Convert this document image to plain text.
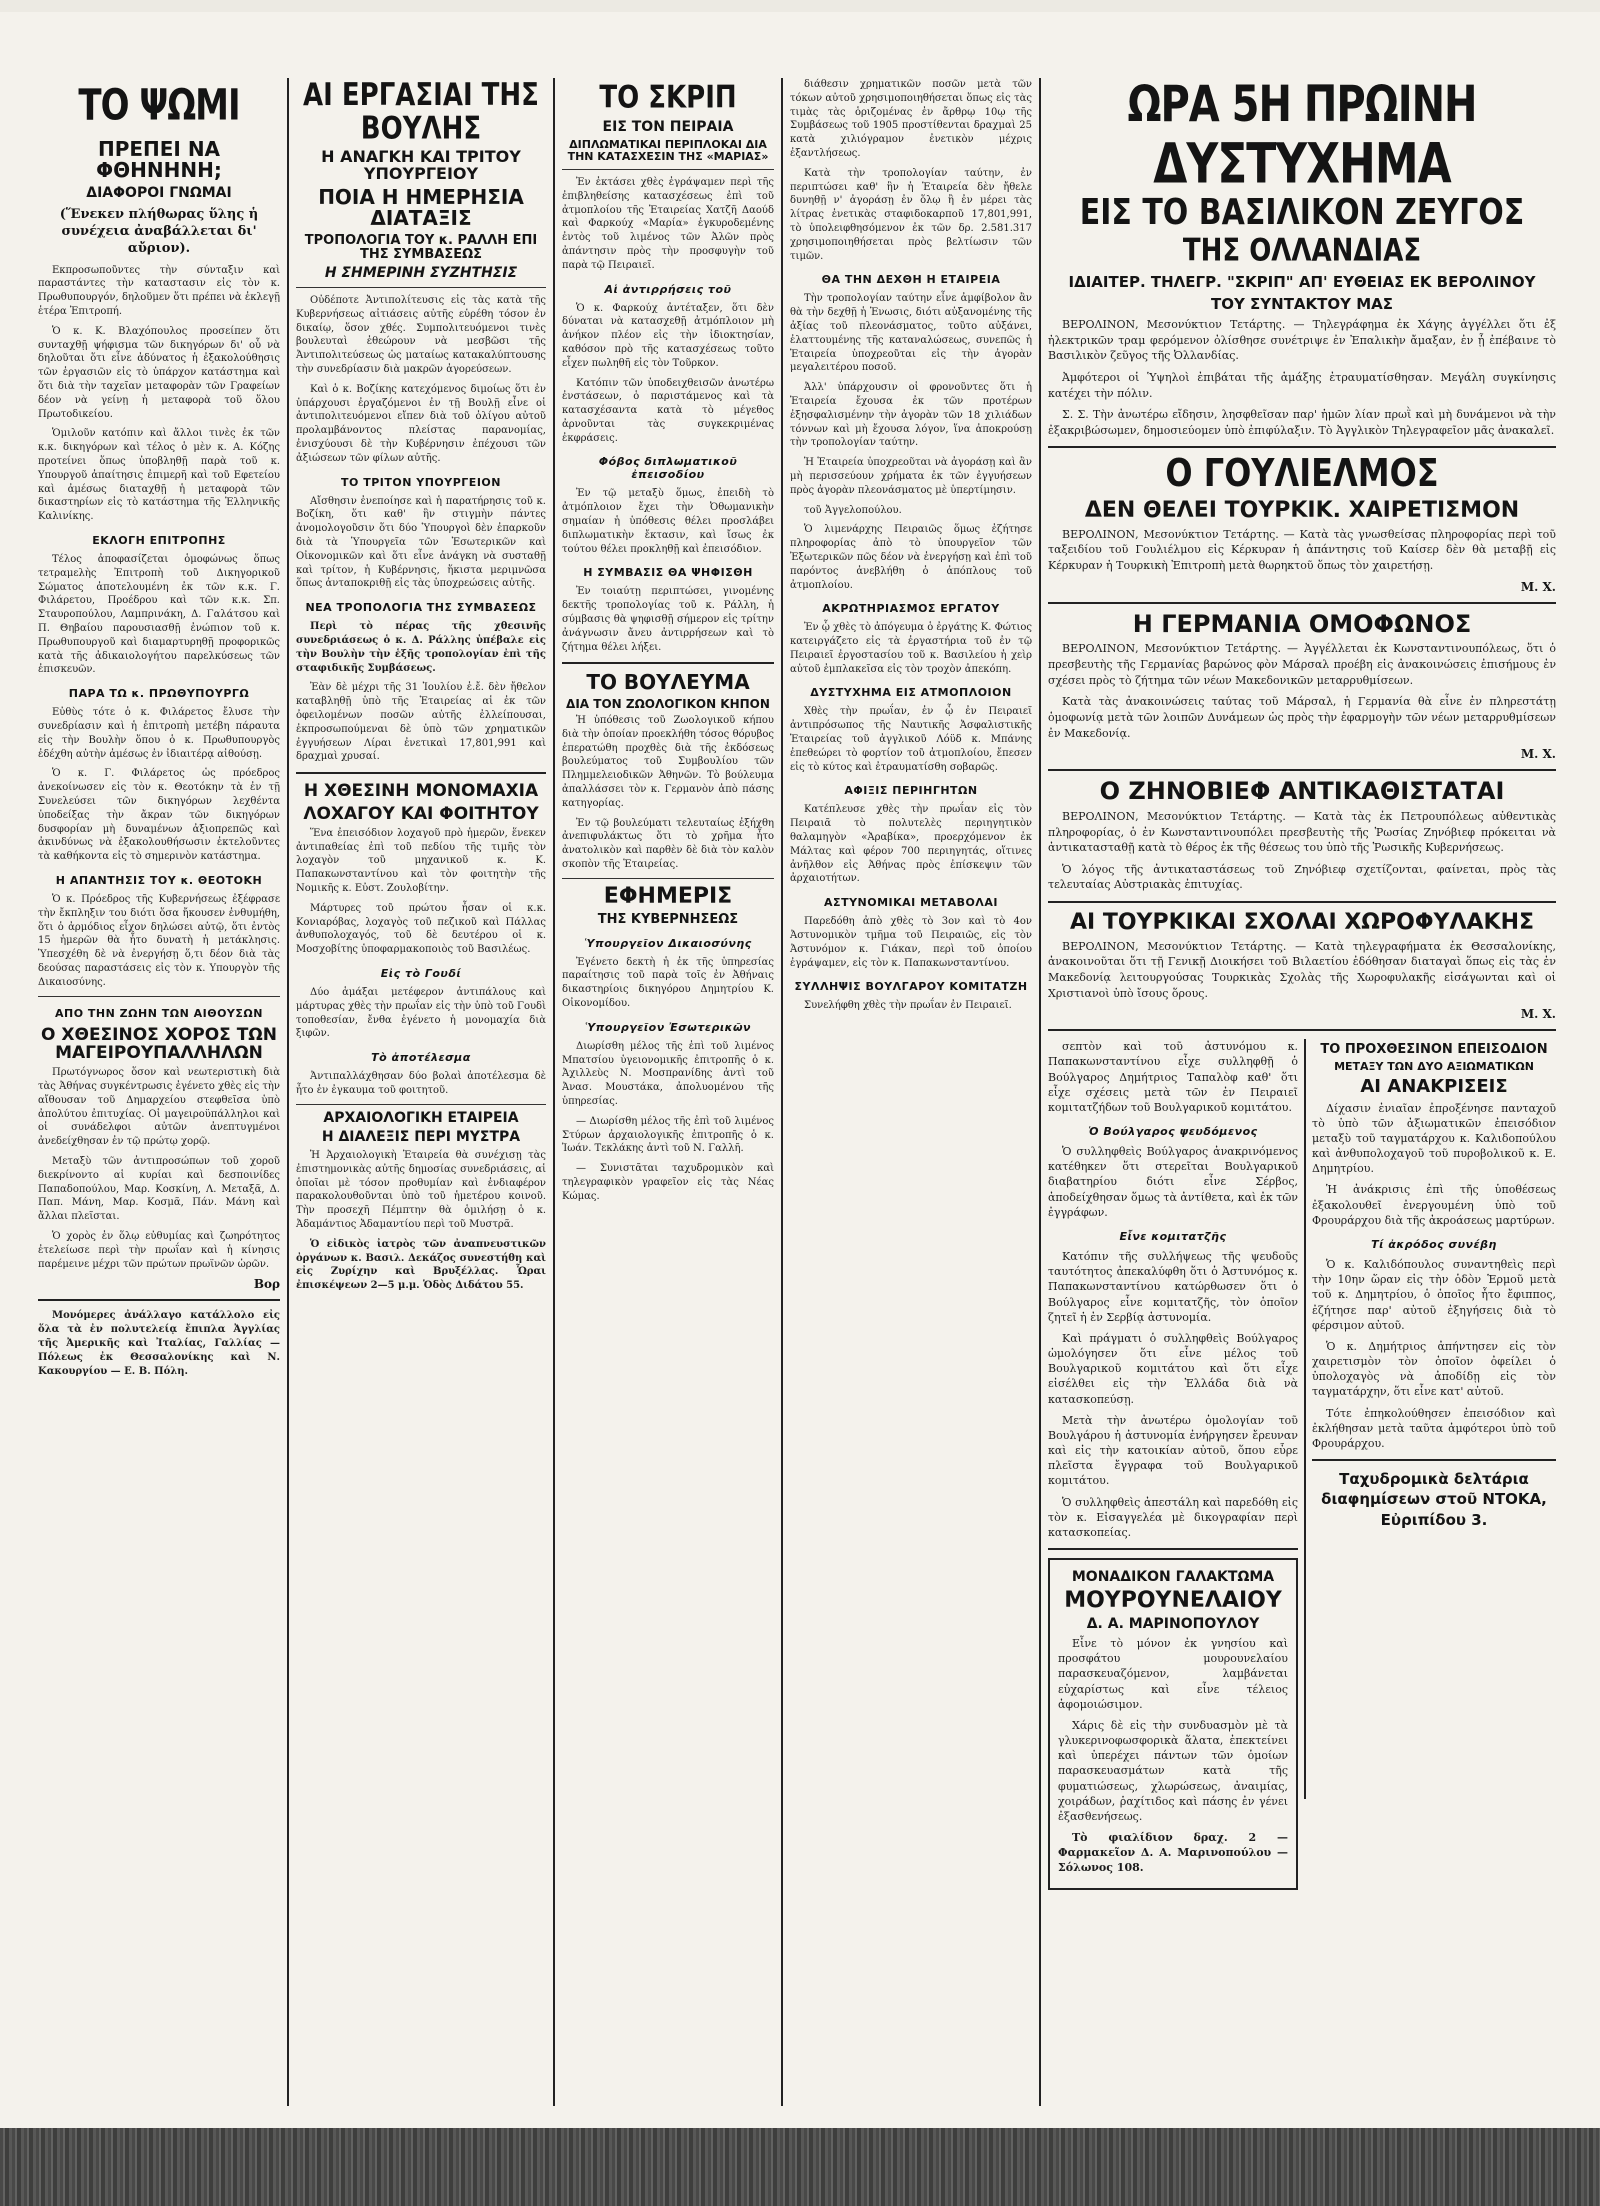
ΤΟ ΨΩΜΙ
ΠΡΕΠΕΙ ΝΑ ΦΘΗΝΗΝΗ;
ΔΙΑΦΟΡΟΙ ΓΝΩΜΑΙ

(Ἕνεκεν πλήθωρας ὕλης ἡ συνέχεια ἀναβάλλεται δι' αὔριον).

Εκπροσωποῦντες τὴν σύνταξιν καὶ παραστάντες τὴν καταστασιν εἰς τὸν κ. Πρωθυπουργόν, δηλοῦμεν ὅτι πρέπει νὰ ἐκλεγῇ ἑτέρα Ἐπιτροπή.

Ὁ κ. Κ. Βλαχόπουλος προσείπεν ὅτι συνταχθῇ ψήφισμα τῶν δικηγόρων δι' οὗ νὰ δηλοῦται ὅτι εἶνε ἀδύνατος ἡ ἐξακολούθησις τῶν ἐργασιῶν εἰς τὸ ὑπάρχον κατάστημα καὶ ὅτι διὰ τὴν ταχεῖαν μεταφορὰν τῶν Γραφείων δέον νὰ γείνῃ ἡ μεταφορὰ τοῦ ὅλου Πρωτοδικείου.

Ὁμιλοῦν κατόπιν καὶ ἄλλοι τινὲς ἐκ τῶν κ.κ. δικηγόρων καὶ τέλος ὁ μὲν κ. Α. Κόζης προτείνει ὅπως ὑποβληθῇ παρὰ τοῦ κ. Υπουργοῦ ἀπαίτησις ἐπιμερῆ καὶ τοῦ Εφετείου καὶ ἀμέσως διαταχθῇ ἡ μεταφορὰ τῶν δικαστηρίων εἰς τὸ κατάστημα τῆς Ἑλληνικῆς Καλινίκης.

ΕΚΛΟΓΗ ΕΠΙΤΡΟΠΗΣ

Τέλος ἀποφασίζεται ὁμοφώνως ὅπως τετραμελὴς Ἐπιτροπὴ τοῦ Δικηγορικοῦ Σώματος ἀποτελουμένη ἐκ τῶν κ.κ. Γ. Φιλάρετου, Προέδρου καὶ τῶν κ.κ. Σπ. Σταυροπούλου, Λαμπρινάκη, Δ. Γαλάτσου καὶ Π. Θηβαίου παρουσιασθῇ ἐνώπιον τοῦ κ. Πρωθυπουργοῦ καὶ διαμαρτυρηθῇ προφορικῶς κατὰ τῆς ἀδικαιολογήτου παρελκύσεως τῶν ἐπισκευῶν.

ΠΑΡΑ ΤΩ κ. ΠΡΩΘΥΠΟΥΡΓΩ

Εὐθὺς τότε ὁ κ. Φιλάρετος ἔλυσε τὴν συνεδρίασιν καὶ ἡ ἐπιτροπὴ μετέβη πάραυτα εἰς τὴν Βουλὴν ὅπου ὁ κ. Πρωθυπουργὸς ἐδέχθη αὐτὴν ἀμέσως ἐν ἰδιαιτέρᾳ αἰθούσῃ.

Ὁ κ. Γ. Φιλάρετος ὡς πρόεδρος ἀνεκοίνωσεν εἰς τὸν κ. Θεοτόκην τὰ ἐν τῇ Συνελεύσει τῶν δικηγόρων λεχθέντα ὑποδείξας τὴν ἄκραν τῶν δικηγόρων δυσφορίαν μὴ δυναμένων ἀξιοπρεπῶς καὶ ἀκινδύνως νὰ ἐξακολουθήσωσιν ἐκτελοῦντες τὰ καθήκοντα εἰς τὸ σημερινὸν κατάστημα.

Η ΑΠΑΝΤΗΣΙΣ ΤΟΥ κ. ΘΕΟΤΟΚΗ

Ὁ κ. Πρόεδρος τῆς Κυβερνήσεως ἐξέφρασε τὴν ἔκπληξιν του διότι ὅσα ἤκουσεν ἐνθυμήθη, ὅτι ὁ ἀρμόδιος εἶχον δηλώσει αὐτῷ, ὅτι ἐντὸς 15 ἡμερῶν θὰ ἦτο δυνατὴ ἡ μετάκλησις. Ὑπεσχέθη δὲ νὰ ἐνεργήσῃ ὅ,τι δέον διὰ τὰς δεούσας παραστάσεις εἰς τὸν κ. Υπουργὸν τῆς Δικαιοσύνης.

ΑΠΟ ΤΗΝ ΖΩΗΝ ΤΩΝ ΑΙΘΟΥΣΩΝ
Ο ΧΘΕΣΙΝΟΣ ΧΟΡΟΣ ΤΩΝ ΜΑΓΕΙΡΟΥΠΑΛΛΗΛΩΝ

Πρωτόγνωρος ὅσον καὶ νεωτεριστικὴ διὰ τὰς Ἀθήνας συγκέντρωσις ἐγένετο χθὲς εἰς τὴν αἴθουσαν τοῦ Δημαρχείου στεφθεῖσα ὑπὸ ἀπολύτου ἐπιτυχίας. Οἱ μαγειροϋπάλληλοι καὶ οἱ συνάδελφοι αὐτῶν ἀνεπτυγμένοι ἀνεδείχθησαν ἐν τῷ πρώτῳ χορῷ.

Μεταξὺ τῶν ἀντιπροσώπων τοῦ χοροῦ διεκρίνοντο αἱ κυρίαι καὶ δεσποινίδες Παπαδοπούλου, Μαρ. Κοσκίνη, Λ. Μεταξᾶ, Δ. Παπ. Μάνη, Μαρ. Κοσμᾶ, Πάν. Μάνη καὶ ἄλλαι πλεῖσται.

Ὁ χορὸς ἐν ὅλῳ εὐθυμίας καὶ ζωηρότητος ἐτελείωσε περὶ τὴν πρωΐαν καὶ ἡ κίνησις παρέμεινε μέχρι τῶν πρώτων πρωϊνῶν ὡρῶν.

Βορ

Μονόμερες ἀνάλλαγο κατάλλολο εἰς ὅλα τὰ ἐν πολυτελείᾳ ἔπιπλα Ἀγγλίας τῆς Ἀμερικῆς καὶ Ἰταλίας, Γαλλίας — Πόλεως ἐκ Θεσσαλονίκης καὶ Ν. Κακουργίου — Ε. Β. Πόλη.

ΑΙ ΕΡΓΑΣΙΑΙ ΤΗΣ ΒΟΥΛΗΣ
Η ΑΝΑΓΚΗ ΚΑΙ ΤΡΙΤΟΥ ΥΠΟΥΡΓΕΙΟΥ
ΠΟΙΑ Η ΗΜΕΡΗΣΙΑ ΔΙΑΤΑΞΙΣ
ΤΡΟΠΟΛΟΓΙΑ ΤΟΥ κ. ΡΑΛΛΗ ΕΠΙ ΤΗΣ ΣΥΜΒΑΣΕΩΣ
Η ΣΗΜΕΡΙΝΗ ΣΥΖΗΤΗΣΙΣ

Οὐδέποτε Ἀντιπολίτευσις εἰς τὰς κατὰ τῆς Κυβερνήσεως αἰτιάσεις αὐτῆς εὑρέθη τόσον ἐν δικαίῳ, ὅσον χθές. Συμπολιτευόμενοι τινὲς βουλευταὶ ἐθεώρουν νὰ μεσβῶσι τῆς Ἀντιπολιτεύσεως ὡς ματαίως κατακαλύπτουσης τὴν συνεδρίασιν διὰ μακρῶν ἀγορεύσεων.

Καὶ ὁ κ. Βοζίκης κατεχόμενος διμοίως ὅτι ἐν ὑπάρχουσι ἐργαζόμενοι ἐν τῇ Βουλῇ εἶνε οἱ ἀντιπολιτευόμενοι εἴπεν διὰ τοῦ ὀλίγου αὐτοῦ προλαμβάνοντος πλείστας παρανομίας, ἐνισχύουσι δὲ τὴν Κυβέρνησιν ἐπέχουσι τῶν ἀξιώσεων τῶν φίλων αὐτῆς.

ΤΟ ΤΡΙΤΟΝ ΥΠΟΥΡΓΕΙΟΝ

Αἴσθησιν ἐνεποίησε καὶ ἡ παρατήρησις τοῦ κ. Βοζίκη, ὅτι καθ' ἣν στιγμὴν πάντες ἀνομολογοῦσιν ὅτι δύο Ὑπουργοὶ δὲν ἐπαρκοῦν διὰ τὰ Ὑπουργεῖα τῶν Ἐσωτερικῶν καὶ Οἰκονομικῶν καὶ ὅτι εἶνε ἀνάγκη νὰ συσταθῇ καὶ τρίτον, ἡ Κυβέρνησις, ἥκιστα μεριμνῶσα ὅπως ἀνταποκριθῇ εἰς τὰς ὑποχρεώσεις αὐτῆς.

ΝΕΑ ΤΡΟΠΟΛΟΓΙΑ ΤΗΣ ΣΥΜΒΑΣΕΩΣ

Περὶ τὸ πέρας τῆς χθεσινῆς συνεδριάσεως ὁ κ. Δ. Ράλλης ὑπέβαλε εἰς τὴν Βουλὴν τὴν ἑξῆς τροπολογίαν ἐπὶ τῆς σταφιδικῆς Συμβάσεως.

Ἐὰν δὲ μέχρι τῆς 31 Ἰουλίου ἐ.ἔ. δὲν ἤθελον καταβληθῇ ὑπὸ τῆς Ἑταιρείας αἱ ἐκ τῶν ὀφειλομένων ποσῶν αὐτῆς ἐλλείπουσαι, ἐκπροσωπούμεναι δὲ ὑπὸ τῶν χρηματικῶν ἐγγυήσεων Λίραι ἐνετικαὶ 17,801,991 καὶ δραχμαὶ χρυσαί.

Η ΧΘΕΣΙΝΗ ΜΟΝΟΜΑΧΙΑ
ΛΟΧΑΓΟΥ ΚΑΙ ΦΟΙΤΗΤΟΥ

Ἕνα ἐπεισόδιον λοχαγοῦ πρὸ ἡμερῶν, ἕνεκεν ἀντιπαθείας ἐπὶ τοῦ πεδίου τῆς τιμῆς τὸν λοχαγὸν τοῦ μηχανικοῦ κ. Κ. Παπακωνσταντίνου καὶ τὸν φοιτητὴν τῆς Νομικῆς κ. Εὐστ. Ζουλοβίτην.

Μάρτυρες τοῦ πρώτου ἦσαν οἱ κ.κ. Κονιαρόβας, λοχαγὸς τοῦ πεζικοῦ καὶ Πάλλας ἀνθυπολοχαγός, τοῦ δὲ δευτέρου οἱ κ. Μοσχοβίτης ὑποφαρμακοποιὸς τοῦ Βασιλέως.

Εἰς τὸ Γουδί

Δύο ἁμάξαι μετέφερον ἀντιπάλους καὶ μάρτυρας χθὲς τὴν πρωΐαν εἰς τὴν ὑπὸ τοῦ Γουδὶ τοποθεσίαν, ἔνθα ἐγένετο ἡ μονομαχία διὰ ξιφῶν.

Τὸ ἀποτέλεσμα

Ἀντιπαλλάχθησαν δύο βολαὶ ἀποτέλεσμα δὲ ἦτο ἐν ἐγκαυμα τοῦ φοιτητοῦ.

ΑΡΧΑΙΟΛΟΓΙΚΗ ΕΤΑΙΡΕΙΑ
Η ΔΙΑΛΕΞΙΣ ΠΕΡΙ ΜΥΣΤΡΑ

Ἡ Ἀρχαιολογικὴ Ἑταιρεία θὰ συνέχισῃ τὰς ἐπιστημονικὰς αὐτῆς δημοσίας συνεδριάσεις, αἱ ὁποῖαι μὲ τόσον προθυμίαν καὶ ἐνδιαφέρον παρακολουθοῦνται ὑπὸ τοῦ ἡμετέρου κοινοῦ. Τὴν προσεχῆ Πέμπτην θὰ ὁμιλήσῃ ὁ κ. Ἀδαμάντιος Ἀδαμαντίου περὶ τοῦ Μυστρᾶ.

Ὁ εἰδικὸς ἰατρὸς τῶν ἀναπνευστικῶν ὀργάνων κ. Βασιλ. Δεκάζος συνεστήθη καὶ εἰς Ζυρίχην καὶ Βρυξέλλας. Ὧραι ἐπισκέψεων 2—5 μ.μ. Ὁδὸς Διδάτου 55.

ΤΟ ΣΚΡΙΠ
ΕΙΣ ΤΟΝ ΠΕΙΡΑΙΑ
ΔΙΠΛΩΜΑΤΙΚΑΙ ΠΕΡΙΠΛΟΚΑΙ ΔΙΑ ΤΗΝ ΚΑΤΑΣΧΕΣΙΝ ΤΗΣ «ΜΑΡΙΑΣ»

Ἐν ἐκτάσει χθὲς ἐγράψαμεν περὶ τῆς ἐπιβληθείσης κατασχέσεως ἐπὶ τοῦ ἀτμοπλοίου τῆς Ἑταιρείας Χατζῆ Δαούδ καὶ Φαρκούχ «Μαρία» ἐγκυροδεμένης ἐντὸς τοῦ λιμένος τῶν Ἀλῶν πρὸς ἀπάντησιν πρὸς τὴν προσφυγὴν τοῦ παρὰ τῷ Πειραιεῖ.

Αἱ ἀντιρρήσεις τοῦ

Ὁ κ. Φαρκούχ ἀντέταξεν, ὅτι δὲν δύναται νὰ κατασχεθῇ ἀτμόπλοιον μὴ ἀνήκον πλέον εἰς τὴν ἰδιοκτησίαν, καθόσον πρὸ τῆς κατασχέσεως τοῦτο εἶχεν πωληθῆ εἰς τὸν Τοῦρκον.

Κατόπιν τῶν ὑποδειχθεισῶν ἀνωτέρω ἐνστάσεων, ὁ παριστάμενος καὶ τὰ κατασχέσαντα κατὰ τὸ μέγεθος ἀρνοῦνται τὰς συγκεκριμένας ἐκφράσεις.

Φόβος διπλωματικοῦ ἐπεισοδίου

Ἐν τῷ μεταξὺ ὅμως, ἐπειδὴ τὸ ἀτμόπλοιον ἔχει τὴν Ὀθωμανικὴν σημαίαν ἡ ὑπόθεσις θέλει προσλάβει διπλωματικὴν ἔκτασιν, καὶ ἴσως ἐκ τούτου θέλει προκληθῇ καὶ ἐπεισόδιον.

Η ΣΥΜΒΑΣΙΣ ΘΑ ΨΗΦΙΣΘΗ

Ἐν τοιαύτῃ περιπτώσει, γινομένης δεκτῆς τροπολογίας τοῦ κ. Ράλλη, ἡ σύμβασις θὰ ψηφισθῇ σήμερον εἰς τρίτην ἀνάγνωσιν ἄνευ ἀντιρρήσεων καὶ τὸ ζήτημα θέλει λήξει.

ΤΟ ΒΟΥΛΕΥΜΑ
ΔΙΑ ΤΟΝ ΖΩΟΛΟΓΙΚΟΝ ΚΗΠΟΝ

Ἡ ὑπόθεσις τοῦ Ζωολογικοῦ κήπου διὰ τὴν ὁποίαν προεκλήθη τόσος θόρυβος ἐπερατώθη προχθὲς διὰ τῆς ἐκδόσεως βουλεύματος τοῦ Συμβουλίου τῶν Πλημμελειοδικῶν Ἀθηνῶν. Τὸ βούλευμα ἀπαλλάσσει τὸν κ. Γερμανὸν ἀπὸ πάσης κατηγορίας.

Ἐν τῷ βουλεύματι τελευταίως ἐξήχθη ἀνεπιφυλάκτως ὅτι τὸ χρῆμα ἦτο ἀνατολικὸν καὶ παρθὲν δὲ διὰ τὸν καλὸν σκοπὸν τῆς Ἑταιρείας.

ΕΦΗΜΕΡΙΣ
ΤΗΣ ΚΥΒΕΡΝΗΣΕΩΣ
Ὑπουργεῖον Δικαιοσύνης

Ἐγένετο δεκτὴ ἡ ἐκ τῆς ὑπηρεσίας παραίτησις τοῦ παρὰ τοῖς ἐν Ἀθήναις δικαστηρίοις δικηγόρου Δημητρίου Κ. Οἰκονομίδου.

Ὑπουργεῖον Ἐσωτερικῶν

Διωρίσθη μέλος τῆς ἐπὶ τοῦ λιμένος Μπατσίου ὑγειονομικῆς ἐπιτροπῆς ὁ κ. Ἀχιλλεὺς Ν. Μοσπρανίδης ἀντὶ τοῦ Ἀνασ. Μουστάκα, ἀπολυομένου τῆς ὑπηρεσίας.

— Διωρίσθη μέλος τῆς ἐπὶ τοῦ λιμένος Στύρων ἀρχαιολογικῆς ἐπιτροπῆς ὁ κ. Ἰωάν. Τεκλάκης ἀντὶ τοῦ Ν. Γαλλῆ.

— Συνιστᾶται ταχυδρομικὸν καὶ τηλεγραφικὸν γραφεῖον εἰς τὰς Νέας Κώμας.

διάθεσιν χρηματικῶν ποσῶν μετὰ τῶν τόκων αὐτοῦ χρησιμοποιηθήσεται ὅπως εἰς τὰς τιμὰς τὰς ὁριζομένας ἐν ἄρθρῳ 10ῳ τῆς Συμβάσεως τοῦ 1905 προστίθενται δραχμαὶ 25 κατὰ χιλιόγραμον ἐνετικὸν μέχρις ἐξαντλήσεως.

Κατὰ τὴν τροπολογίαν ταύτην, ἐν περιπτώσει καθ' ἣν ἡ Ἑταιρεία δὲν ἤθελε δυνηθῇ ν' ἀγοράσῃ ἐν ὅλῳ ἢ ἐν μέρει τὰς λίτρας ἐνετικὰς σταφιδοκαρποῦ 17,801,991, τὸ ὑπολειφθησόμενον ἐκ τῶν δρ. 2.581.317 χρησιμοποιηθήσεται πρὸς βελτίωσιν τῶν τιμῶν.

ΘΑ ΤΗΝ ΔΕΧΘΗ Η ΕΤΑΙΡΕΙΑ

Τὴν τροπολογίαν ταύτην εἶνε ἀμφίβολον ἂν θὰ τὴν δεχθῇ ἡ Ἑνωσις, διότι αὐξανομένης τῆς ἀξίας τοῦ πλεονάσματος, τοῦτο αὐξάνει, ἐλαττουμένης τῆς καταναλώσεως, συνεπῶς ἡ Ἑταιρεία ὑποχρεοῦται εἰς τὴν ἀγορὰν μεγαλειτέρου ποσοῦ.

Ἀλλ' ὑπάρχουσιν οἱ φρονοῦντες ὅτι ἡ Ἑταιρεία ἔχουσα ἐκ τῶν προτέρων ἐξησφαλισμένην τὴν ἀγορὰν τῶν 18 χιλιάδων τόννων καὶ μὴ ἔχουσα λόγον, ἵνα ἀποκρούσῃ τὴν τροπολογίαν ταύτην.

Ἡ Ἑταιρεία ὑποχρεοῦται νὰ ἀγοράσῃ καὶ ἂν μὴ περισσεύουν χρήματα ἐκ τῶν ἐγγυήσεων πρὸς ἀγορὰν πλεονάσματος μὲ ὑπερτίμησιν.

τοῦ Ἀγγελοπούλου.

Ὁ λιμενάρχης Πειραιῶς ὅμως ἐζήτησε πληροφορίας ἀπὸ τὸ ὑπουργεῖον τῶν Ἐξωτερικῶν πῶς δέον νὰ ἐνεργήσῃ καὶ ἐπὶ τοῦ παρόντος ἀνεβλήθη ὁ ἀπόπλους τοῦ ἀτμοπλοίου.

ΑΚΡΩΤΗΡΙΑΣΜΟΣ ΕΡΓΑΤΟΥ

Ἐν ᾧ χθὲς τὸ ἀπόγευμα ὁ ἐργάτης Κ. Φώτιος κατειργάζετο εἰς τὰ ἐργαστήρια τοῦ ἐν τῷ Πειραιεῖ ἐργοστασίου τοῦ κ. Βασιλείου ἡ χεὶρ αὐτοῦ ἐμπλακεῖσα εἰς τὸν τροχὸν ἀπεκόπη.

ΔΥΣΤΥΧΗΜΑ ΕΙΣ ΑΤΜΟΠΛΟΙΟΝ

Χθὲς τὴν πρωΐαν, ἐν ᾧ ἐν Πειραιεῖ ἀντιπρόσωπος τῆς Ναυτικῆς Ἀσφαλιστικῆς Ἑταιρείας τοῦ ἀγγλικοῦ Λόϋδ κ. Μπάνης ἐπεθεώρει τὸ φορτίον τοῦ ἀτμοπλοίου, ἔπεσεν εἰς τὸ κύτος καὶ ἐτραυματίσθη σοβαρῶς.

ΑΦΙΞΙΣ ΠΕΡΙΗΓΗΤΩΝ

Κατέπλευσε χθὲς τὴν πρωΐαν εἰς τὸν Πειραιᾶ τὸ πολυτελὲς περιηγητικὸν θαλαμηγὸν «Ἀραβίκα», προερχόμενον ἐκ Μάλτας καὶ φέρον 700 περιηγητάς, οἵτινες ἀνῆλθον εἰς Ἀθήνας πρὸς ἐπίσκεψιν τῶν ἀρχαιοτήτων.

ΑΣΤΥΝΟΜΙΚΑΙ ΜΕΤΑΒΟΛΑΙ

Παρεδόθη ἀπὸ χθὲς τὸ 3ον καὶ τὸ 4ον Ἀστυνομικὸν τμῆμα τοῦ Πειραιῶς, εἰς τὸν Ἀστυνόμον κ. Γιάκαν, περὶ τοῦ ὁποίου ἐγράψαμεν, εἰς τὸν κ. Παπακωνσταντίνου.

ΣΥΛΛΗΨΙΣ ΒΟΥΛΓΑΡΟΥ ΚΟΜΙΤΑΤΖΗ

Συνελήφθη χθὲς τὴν πρωΐαν ἐν Πειραιεῖ.

ΩΡΑ 5Η ΠΡΩΙΝΗ
ΔΥΣΤΥΧΗΜΑ
ΕΙΣ ΤΟ ΒΑΣΙΛΙΚΟΝ ΖΕΥΓΟΣ
ΤΗΣ ΟΛΛΑΝΔΙΑΣ
ΙΔΙΑΙΤΕΡ. ΤΗΛΕΓΡ. "ΣΚΡΙΠ" ΑΠ' ΕΥΘΕΙΑΣ ΕΚ ΒΕΡΟΛΙΝΟΥ
ΤΟΥ ΣΥΝΤΑΚΤΟΥ ΜΑΣ

ΒΕΡΟΛΙΝΟΝ, Μεσονύκτιον Τετάρτης. — Τηλεγράφημα ἐκ Χάγης ἀγγέλλει ὅτι ἐξ ἠλεκτρικῶν τραμ φερόμενον ὀλίσθησε συνέτριψε ἐν Ἐπαλικὴν ἄμαξαν, ἐν ᾗ ἐπέβαινε τὸ Βασιλικὸν ζεῦγος τῆς Ὀλλανδίας.

Ἀμφότεροι οἱ Ὑψηλοὶ ἐπιβάται τῆς ἁμάξης ἐτραυματίσθησαν. Μεγάλη συγκίνησις κατέχει τὴν πόλιν.

Σ. Σ. Τὴν ἀνωτέρω εἴδησιν, λησφθεῖσαν παρ' ἡμῶν λίαν πρωῒ καὶ μὴ δυνάμενοι νὰ τὴν ἐξακριβώσωμεν, δημοσιεύομεν ὑπὸ ἐπιφύλαξιν. Τὸ Ἀγγλικὸν Τηλεγραφεῖον μᾶς ἀνακαλεῖ.

Ο ΓΟΥΛΙΕΛΜΟΣ
ΔΕΝ ΘΕΛΕΙ ΤΟΥΡΚΙΚ. ΧΑΙΡΕΤΙΣΜΟΝ

ΒΕΡΟΛΙΝΟΝ, Μεσονύκτιον Τετάρτης. — Κατὰ τὰς γνωσθείσας πληροφορίας περὶ τοῦ ταξειδίου τοῦ Γουλιέλμου εἰς Κέρκυραν ἡ ἀπάντησις τοῦ Καίσερ δὲν θὰ μεταβῇ εἰς Κέρκυραν ἡ Τουρκικὴ Ἐπιτροπὴ μετὰ θωρηκτοῦ ὅπως τὸν χαιρετήσῃ.

Μ. Χ.
Η ΓΕΡΜΑΝΙΑ ΟΜΟΦΩΝΟΣ

ΒΕΡΟΛΙΝΟΝ, Μεσονύκτιον Τετάρτης. — Ἀγγέλλεται ἐκ Κωνσταντινουπόλεως, ὅτι ὁ πρεσβευτὴς τῆς Γερμανίας βαρώνος φὸν Μάρσαλ προέβη εἰς ἀνακοινώσεις ἐπισήμους ἐν σχέσει πρὸς τὸ ζήτημα τῶν νέων Μακεδονικῶν μεταρρυθμίσεων.

Κατὰ τὰς ἀνακοινώσεις ταύτας τοῦ Μάρσαλ, ἡ Γερμανία θὰ εἶνε ἐν πληρεστάτῃ ὁμοφωνίᾳ μετὰ τῶν λοιπῶν Δυνάμεων ὡς πρὸς τὴν ἐφαρμογὴν τῶν νέων μεταρρυθμίσεων ἐν Μακεδονίᾳ.

Μ. Χ.
Ο ΖΗΝΟΒΙΕΦ ΑΝΤΙΚΑΘΙΣΤΑΤΑΙ

ΒΕΡΟΛΙΝΟΝ, Μεσονύκτιον Τετάρτης. — Κατὰ τὰς ἐκ Πετρουπόλεως αὐθεντικὰς πληροφορίας, ὁ ἐν Κωνσταντινουπόλει πρεσβευτὴς τῆς Ῥωσίας Ζηνόβιεφ πρόκειται νὰ ἀντικατασταθῇ κατὰ τὸ θέρος ἐκ τῆς θέσεως του ὑπὸ τῆς Ῥωσικῆς Κυβερνήσεως.

Ὁ λόγος τῆς ἀντικαταστάσεως τοῦ Ζηνόβιεφ σχετίζονται, φαίνεται, πρὸς τὰς τελευταίας Αὐστριακὰς ἐπιτυχίας.

ΑΙ ΤΟΥΡΚΙΚΑΙ ΣΧΟΛΑΙ ΧΩΡΟΦΥΛΑΚΗΣ

ΒΕΡΟΛΙΝΟΝ, Μεσονύκτιον Τετάρτης. — Κατὰ τηλεγραφήματα ἐκ Θεσσαλονίκης, ἀνακοινοῦται ὅτι τῇ Γενικῇ Διοικήσει τοῦ Βιλαετίου ἐδόθησαν διαταγαὶ ὅπως εἰς τὰς ἐν Μακεδονίᾳ λειτουργούσας Τουρκικὰς Σχολὰς τῆς Χωροφυλακῆς εἰσάγωνται καὶ οἱ Χριστιανοὶ ὑπὸ ἴσους ὅρους.

Μ. Χ.

σεπτὸν καὶ τοῦ ἀστυνόμου κ. Παπακωνσταντίνου εἶχε συλληφθῇ ὁ Βούλγαρος Δημήτριος Ταπαλὸφ καθ' ὅτι εἶχε σχέσεις μετὰ τῶν ἐν Πειραιεῖ κομιτατζήδων τοῦ Βουλγαρικοῦ κομιτάτου.

Ὁ Βούλγαρος ψευδόμενος

Ὁ συλληφθεὶς Βούλγαρος ἀνακρινόμενος κατέθηκεν ὅτι στερεῖται Βουλγαρικοῦ διαβατηρίου διότι εἶνε Σέρβος, ἀποδείχθησαν ὅμως τὰ ἀντίθετα, καὶ ἐκ τῶν ἐγγράφων.

Εἶνε κομιτατζῆς

Κατόπιν τῆς συλλήψεως τῆς ψευδοῦς ταυτότητος ἀπεκαλύφθη ὅτι ὁ Ἀστυνόμος κ. Παπακωνσταντίνου κατώρθωσεν ὅτι ὁ Βούλγαρος εἶνε κομιτατζῆς, τὸν ὁποῖον ζητεῖ ἡ ἐν Σερβίᾳ ἀστυνομία.

Καὶ πράγματι ὁ συλληφθεὶς Βούλγαρος ὡμολόγησεν ὅτι εἶνε μέλος τοῦ Βουλγαρικοῦ κομιτάτου καὶ ὅτι εἶχε εἰσέλθει εἰς τὴν Ἑλλάδα διὰ νὰ κατασκοπεύσῃ.

Μετὰ τὴν ἀνωτέρω ὁμολογίαν τοῦ Βουλγάρου ἡ ἀστυνομία ἐνήργησεν ἔρευναν καὶ εἰς τὴν κατοικίαν αὐτοῦ, ὅπου εὗρε πλεῖστα ἔγγραφα τοῦ Βουλγαρικοῦ κομιτάτου.

Ὁ συλληφθεὶς ἀπεστάλη καὶ παρεδόθη εἰς τὸν κ. Εἰσαγγελέα μὲ δικογραφίαν περὶ κατασκοπείας.

ΜΟΝΑΔΙΚΟΝ ΓΑΛΑΚΤΩΜΑ
ΜΟΥΡΟΥΝΕΛΑΙΟΥ
Δ. Α. ΜΑΡΙΝΟΠΟΥΛΟΥ

Εἶνε τὸ μόνον ἐκ γνησίου καὶ προσφάτου μουρουνελαίου παρασκευαζόμενον, λαμβάνεται εὐχαρίστως καὶ εἶνε τέλειος ἀφομοιώσιμον.

Χάρις δὲ εἰς τὴν συνδυασμὸν μὲ τὰ γλυκερινοφωσφορικὰ ἅλατα, ἐπεκτείνει καὶ ὑπερέχει πάντων τῶν ὁμοίων παρασκευασμάτων κατὰ τῆς φυματιώσεως, χλωρώσεως, ἀναιμίας, χοιράδων, ῥαχίτιδος καὶ πάσης ἐν γένει ἐξασθενήσεως.

Τὸ φιαλίδιον δραχ. 2 — Φαρμακεῖον Δ. Α. Μαρινοπούλου — Σόλωνος 108.

ΤΟ ΠΡΟΧΘΕΣΙΝΟΝ ΕΠΕΙΣΟΔΙΟΝ
ΜΕΤΑΞΥ ΤΩΝ ΔΥΟ ΑΞΙΩΜΑΤΙΚΩΝ
ΑΙ ΑΝΑΚΡΙΣΕΙΣ

Δίχασιν ἐνιαῖαν ἐπροξένησε πανταχοῦ τὸ ὑπὸ τῶν ἀξιωματικῶν ἐπεισόδιον μεταξὺ τοῦ ταγματάρχου κ. Καλιδοπούλου καὶ ἀνθυπολοχαγοῦ τοῦ πυροβολικοῦ κ. Ε. Δημητρίου.

Ἡ ἀνάκρισις ἐπὶ τῆς ὑποθέσεως ἐξακολουθεῖ ἐνεργουμένη ὑπὸ τοῦ Φρουράρχου διὰ τῆς ἀκροάσεως μαρτύρων.

Τί ἀκρόδος συνέβη

Ὁ κ. Καλιδόπουλος συναντηθεὶς περὶ τὴν 10ην ὥραν εἰς τὴν ὁδὸν Ἑρμοῦ μετὰ τοῦ κ. Δημητρίου, ὁ ὁποῖος ἦτο ἔφιππος, ἐζήτησε παρ' αὐτοῦ ἐξηγήσεις διὰ τὸ φέρσιμον αὐτοῦ.

Ὁ κ. Δημήτριος ἀπήντησεν εἰς τὸν χαιρετισμὸν τὸν ὁποῖον ὀφείλει ὁ ὑπολοχαγὸς νὰ ἀποδίδῃ εἰς τὸν ταγματάρχην, ὅτι εἶνε κατ' αὐτοῦ.

Τότε ἐπηκολούθησεν ἐπεισόδιον καὶ ἐκλήθησαν μετὰ ταῦτα ἀμφότεροι ὑπὸ τοῦ Φρουράρχου.

Ταχυδρομικὰ δελτάρια διαφημίσεων στοῦ ΝΤΟΚΑ, Εὐριπίδου 3.
